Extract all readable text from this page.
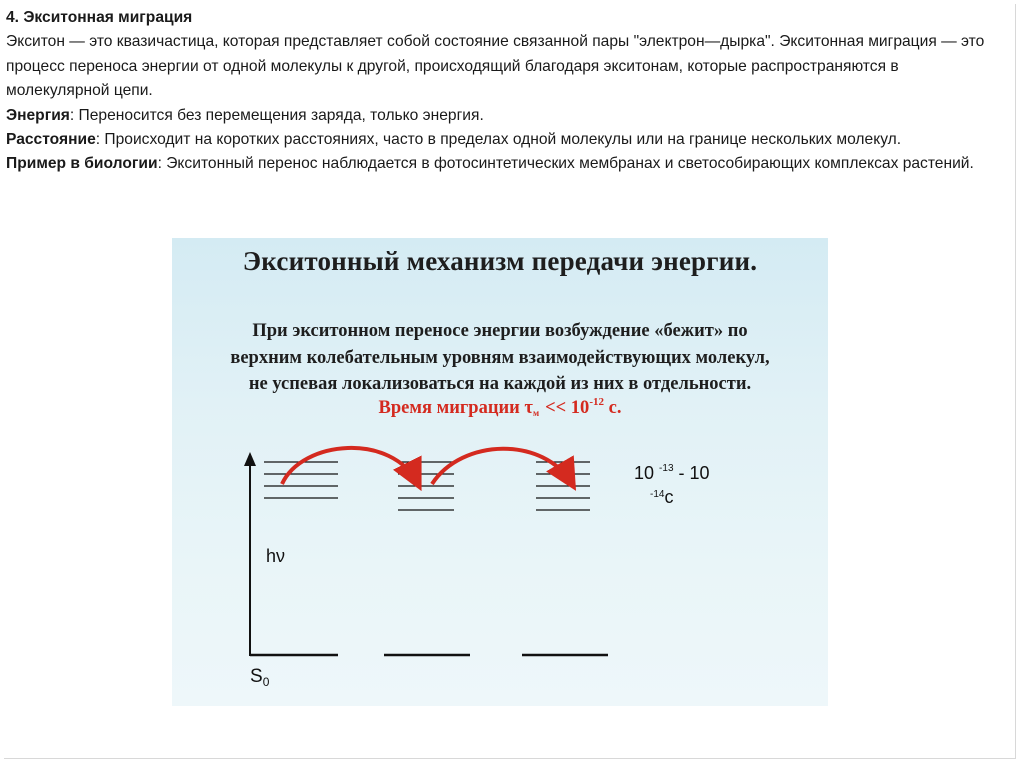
4. Экситонная миграция

Экситон — это квазичастица, которая представляет собой состояние связанной пары "электрон—дырка". Экситонная миграция — это процесс переноса энергии от одной молекулы к другой, происходящий благодаря экситонам, которые распространяются в молекулярной цепи.

Энергия: Переносится без перемещения заряда, только энергия.

Расстояние: Происходит на коротких расстояниях, часто в пределах одной молекулы или на границе нескольких молекул.

Пример в биологии: Экситонный перенос наблюдается в фотосинтетических мембранах и светособирающих комплексах растений.

Экситонный механизм передачи энергии.
При экситонном переносе энергии возбуждение «бежит» по
верхним колебательным уровням взаимодействующих молекул,
не успевая локализоваться на каждой из них в отдельности.
Время миграции $\tau_м << 10^{-12}$ с.
hν
$S_0$
10 $^{-13}$ - 10
$^{-14}$c
